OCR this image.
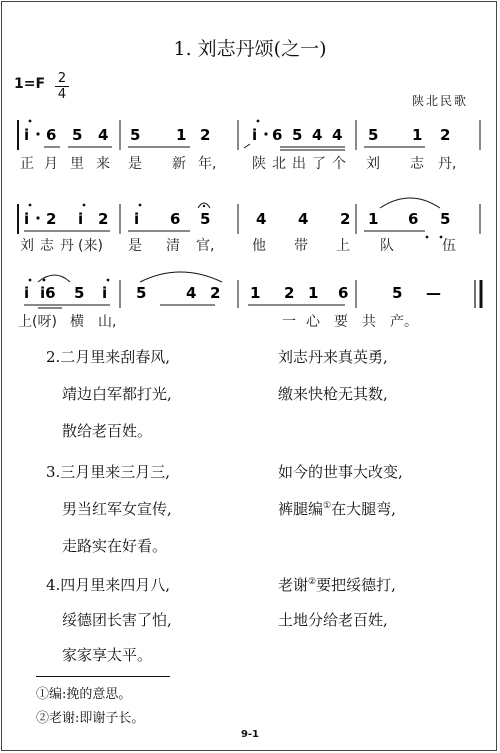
1. 刘志丹颂(之一)
1=F 2
4	陕北民歌
i 6 5 4 5 1 2	i 6 5 4 4 5 1 2
正 月 里 来 是 新 年,	陕 北 出 了 个 刘 志 丹,
i 2 i 2 i 6 5	4 4 2 1 6 5
刘 志 丹 (来) 是 清 官,	他 带 上 队	伍
i i6 5 i 5	4 2 1 2 1 6	5 —
上(呀) 横 山,	一 心 要 共 产。
2.二月里来刮春风,
靖边白军都打光,
散给老百姓。
刘志丹来真英勇,
缴来快枪无其数,
3.三月里来三月三,
男当红军女宣传,
走路实在好看。
如今的世事大改变,
裤腿编①在大腿弯,
4.四月里来四月八,
绥德团长害了怕,
家家享太平。
老谢②要把绥德打,
土地分给老百姓,
①编:挽的意思。
②老谢:即谢子长。
9-1
